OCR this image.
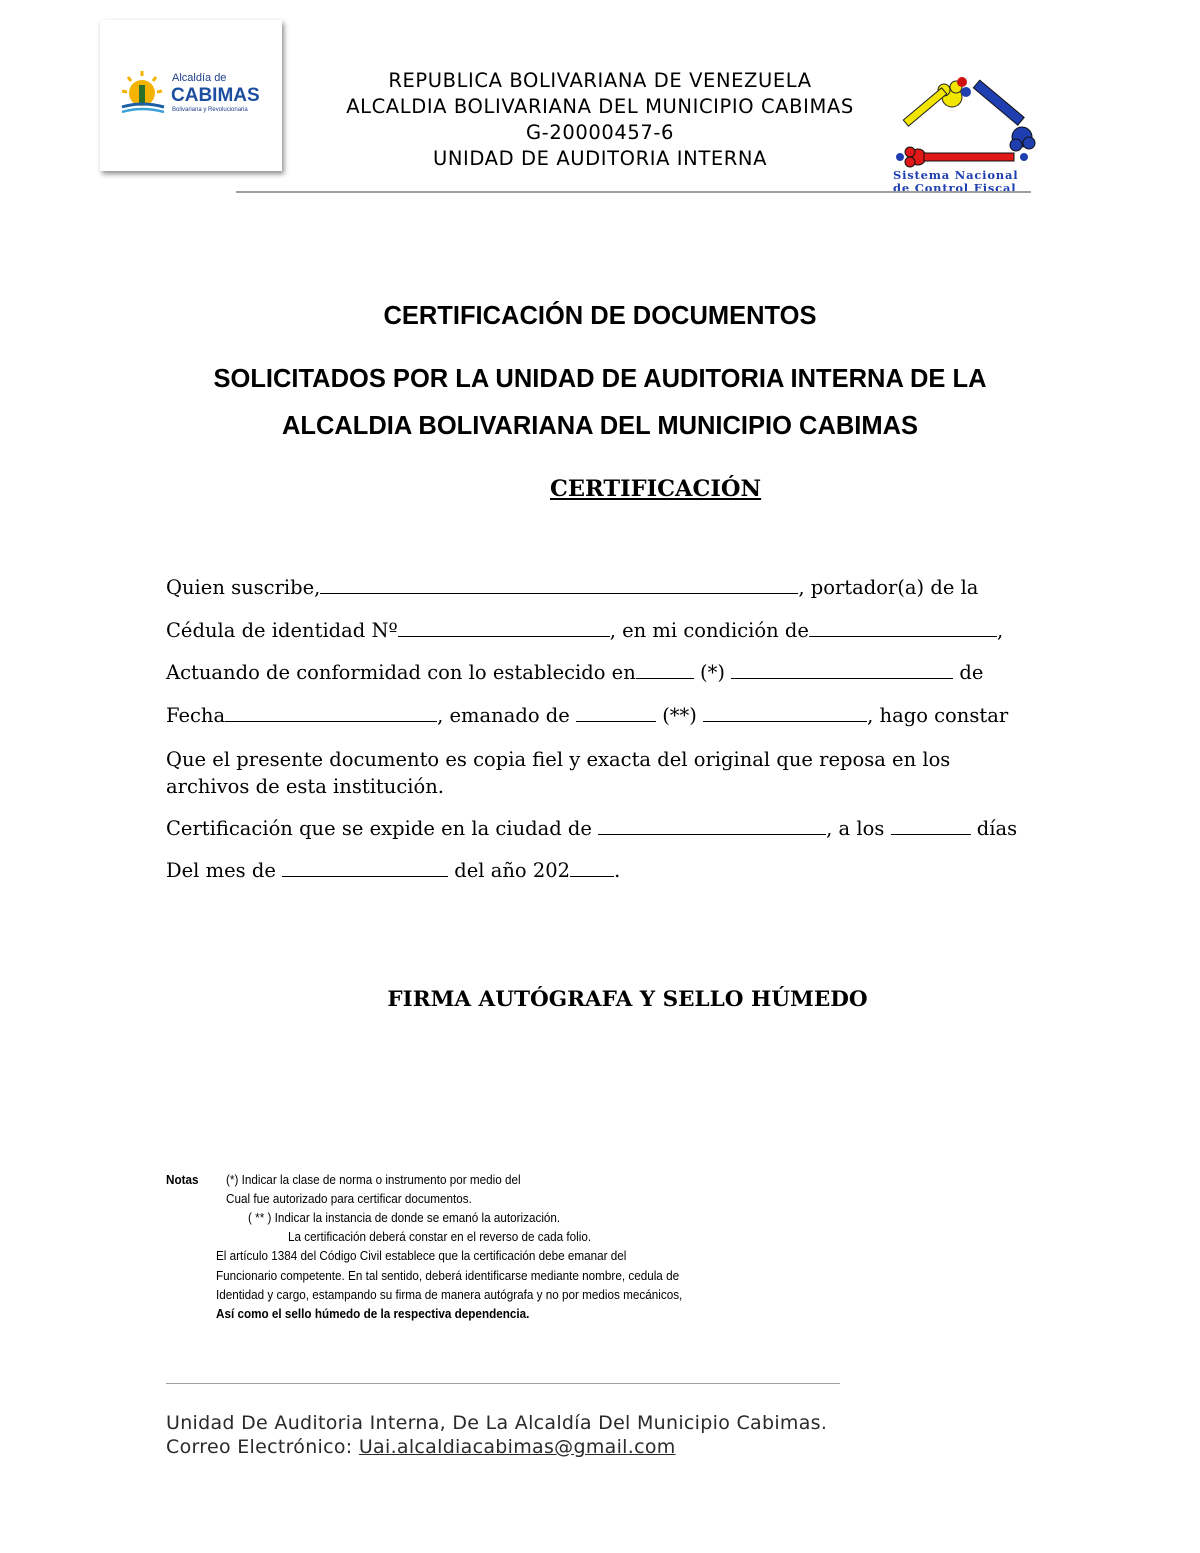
Alcaldía de
CABIMAS
Bolivariana y Revolucionaria
REPUBLICA BOLIVARIANA DE VENEZUELA
ALCALDIA BOLIVARIANA DEL MUNICIPIO CABIMAS
G-20000457-6
UNIDAD DE AUDITORIA INTERNA
Sistema Nacional
de Control Fiscal
CERTIFICACIÓN DE DOCUMENTOS
SOLICITADOS POR LA UNIDAD DE AUDITORIA INTERNA DE LA
ALCALDIA BOLIVARIANA DEL MUNICIPIO CABIMAS
CERTIFICACIÓN
Quien suscribe,	, portador(a) de la
Cédula de identidad Nº	, en mi condición de	,
Actuando de conformidad con lo establecido en	(*)	de
Fecha	, emanado de	(**)	, hago constar
Que el presente documento es copia fiel y exacta del original que reposa en los
archivos de esta institución.
Certificación que se expide en la ciudad de	, a los	días
Del mes de	del año 202 .
FIRMA AUTÓGRAFA Y SELLO HÚMEDO
Notas (*) Indicar la clase de norma o instrumento por medio del
Cual fue autorizado para certificar documentos.
( ** ) Indicar la instancia de donde se emanó la autorización.
La certificación deberá constar en el reverso de cada folio.
El artículo 1384 del Código Civil establece que la certificación debe emanar del
Funcionario competente. En tal sentido, deberá identificarse mediante nombre, cedula de
Identidad y cargo, estampando su firma de manera autógrafa y no por medios mecánicos,
Así como el sello húmedo de la respectiva dependencia.
Unidad De Auditoria Interna, De La Alcaldía Del Municipio Cabimas.
Correo Electrónico: Uai.alcaldiacabimas@gmail.com
